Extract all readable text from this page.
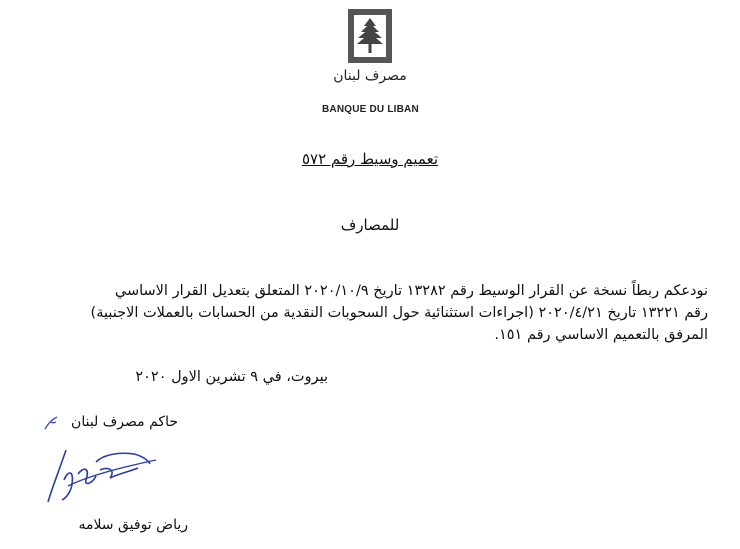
مصرف لبنان
BANQUE DU LIBAN
تعميم وسيط رقم ٥٧٢
للمصارف
نودعكم ربطاً نسخة عن القرار الوسيط رقم ١٣٢٨٢ تاريخ ٢٠٢٠/١٠/٩ المتعلق بتعديل القرار الاساسي
رقم ١٣٢٢١ تاريخ ٢٠٢٠/٤/٢١ (اجراءات استثنائية حول السحوبات النقدية من الحسابات بالعملات الاجنبية)
المرفق بالتعميم الاساسي رقم ١٥١.
بيروت، في ٩ تشرين الاول ٢٠٢٠
حاكم مصرف لبنان
رياض توفيق سلامه
